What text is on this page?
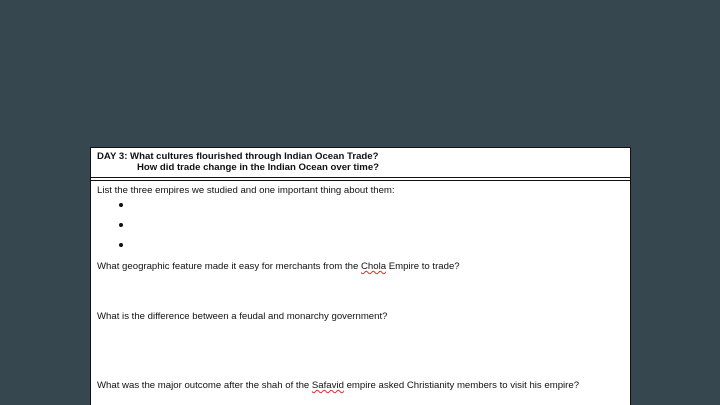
DAY 3: What cultures flourished through Indian Ocean Trade?
How did trade change in the Indian Ocean over time?
List the three empires we studied and one important thing about them:
What geographic feature made it easy for merchants from the Chola Empire to trade?
What is the difference between a feudal and monarchy government?
What was the major outcome after the shah of the Safavid empire asked Christianity members to visit his empire?
